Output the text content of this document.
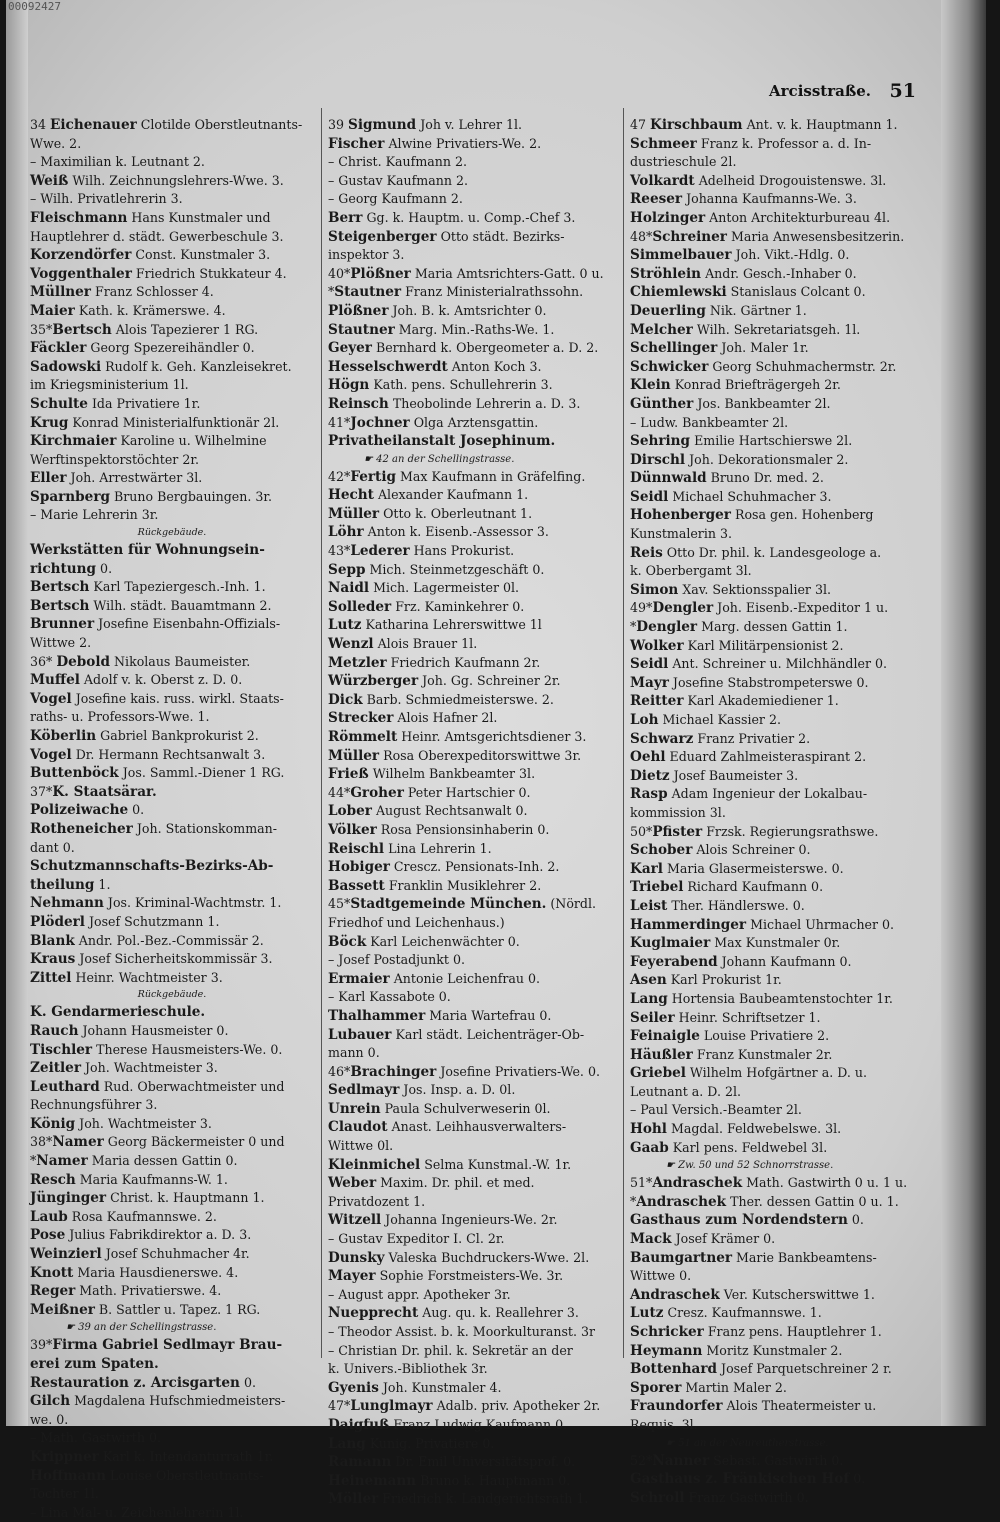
00092427
Arcisstraße. 51
34 Eichenauer Clotilde Oberstleutnants-
Wwe. 2.
– Maximilian k. Leutnant 2.
Weiß Wilh. Zeichnungslehrers-Wwe. 3.
– Wilh. Privatlehrerin 3.
Fleischmann Hans Kunstmaler und
Hauptlehrer d. städt. Gewerbeschule 3.
Korzendörfer Const. Kunstmaler 3.
Voggenthaler Friedrich Stukkateur 4.
Müllner Franz Schlosser 4.
Maier Kath. k. Krämerswe. 4.
35*Bertsch Alois Tapezierer 1 RG.
Fäckler Georg Spezereihändler 0.
Sadowski Rudolf k. Geh. Kanzleisekret.
im Kriegsministerium 1l.
Schulte Ida Privatiere 1r.
Krug Konrad Ministerialfunktionär 2l.
Kirchmaier Karoline u. Wilhelmine
Werftinspektorstöchter 2r.
Eller Joh. Arrestwärter 3l.
Sparnberg Bruno Bergbauingen. 3r.
– Marie Lehrerin 3r.
Rückgebäude.
Werkstätten für Wohnungsein-
richtung 0.
Bertsch Karl Tapeziergesch.-Inh. 1.
Bertsch Wilh. städt. Bauamtmann 2.
Brunner Josefine Eisenbahn-Offizials-
Wittwe 2.
36* Debold Nikolaus Baumeister.
Muffel Adolf v. k. Oberst z. D. 0.
Vogel Josefine kais. russ. wirkl. Staats-
raths- u. Professors-Wwe. 1.
Köberlin Gabriel Bankprokurist 2.
Vogel Dr. Hermann Rechtsanwalt 3.
Buttenböck Jos. Samml.-Diener 1 RG.
37*K. Staatsärar.
Polizeiwache 0.
Rotheneicher Joh. Stationskomman-
dant 0.
Schutzmannschafts-Bezirks-Ab-
theilung 1.
Nehmann Jos. Kriminal-Wachtmstr. 1.
Plöderl Josef Schutzmann 1.
Blank Andr. Pol.-Bez.-Commissär 2.
Kraus Josef Sicherheitskommissär 3.
Zittel Heinr. Wachtmeister 3.
Rückgebäude.
K. Gendarmerieschule.
Rauch Johann Hausmeister 0.
Tischler Therese Hausmeisters-We. 0.
Zeitler Joh. Wachtmeister 3.
Leuthard Rud. Oberwachtmeister und
Rechnungsführer 3.
König Joh. Wachtmeister 3.
38*Namer Georg Bäckermeister 0 und
*Namer Maria dessen Gattin 0.
Resch Maria Kaufmanns-W. 1.
Jünginger Christ. k. Hauptmann 1.
Laub Rosa Kaufmannswe. 2.
Pose Julius Fabrikdirektor a. D. 3.
Weinzierl Josef Schuhmacher 4r.
Knott Maria Hausdienerswe. 4.
Reger Math. Privatierswe. 4.
Meißner B. Sattler u. Tapez. 1 RG.
☛ 39 an der Schellingstrasse.
39*Firma Gabriel Sedlmayr Brau-
erei zum Spaten.
Restauration z. Arcisgarten 0.
Gilch Magdalena Hufschmiedmeisters-
we. 0.
– Math. Gastwirth 0.
Krippner Karl k. Intendanturrath 1r.
Hoffmann Louise Oberstleutnants-
Tochter 1l.
– Lina Mal- u. Zeichenlehrerin 1l.
39 Sigmund Joh v. Lehrer 1l.
Fischer Alwine Privatiers-We. 2.
– Christ. Kaufmann 2.
– Gustav Kaufmann 2.
– Georg Kaufmann 2.
Berr Gg. k. Hauptm. u. Comp.-Chef 3.
Steigenberger Otto städt. Bezirks-
inspektor 3.
40*Plößner Maria Amtsrichters-Gatt. 0 u.
*Stautner Franz Ministerialrathssohn.
Plößner Joh. B. k. Amtsrichter 0.
Stautner Marg. Min.-Raths-We. 1.
Geyer Bernhard k. Obergeometer a. D. 2.
Hesselschwerdt Anton Koch 3.
Högn Kath. pens. Schullehrerin 3.
Reinsch Theobolinde Lehrerin a. D. 3.
41*Jochner Olga Arztensgattin.
Privatheilanstalt Josephinum.
☛ 42 an der Schellingstrasse.
42*Fertig Max Kaufmann in Gräfelfing.
Hecht Alexander Kaufmann 1.
Müller Otto k. Oberleutnant 1.
Löhr Anton k. Eisenb.-Assessor 3.
43*Lederer Hans Prokurist.
Sepp Mich. Steinmetzgeschäft 0.
Naidl Mich. Lagermeister 0l.
Solleder Frz. Kaminkehrer 0.
Lutz Katharina Lehrerswittwe 1l
Wenzl Alois Brauer 1l.
Metzler Friedrich Kaufmann 2r.
Würzberger Joh. Gg. Schreiner 2r.
Dick Barb. Schmiedmeisterswe. 2.
Strecker Alois Hafner 2l.
Römmelt Heinr. Amtsgerichtsdiener 3.
Müller Rosa Oberexpeditorswittwe 3r.
Frieß Wilhelm Bankbeamter 3l.
44*Groher Peter Hartschier 0.
Lober August Rechtsanwalt 0.
Völker Rosa Pensionsinhaberin 0.
Reischl Lina Lehrerin 1.
Hobiger Crescz. Pensionats-Inh. 2.
Bassett Franklin Musiklehrer 2.
45*Stadtgemeinde München. (Nördl.
Friedhof und Leichenhaus.)
Böck Karl Leichenwächter 0.
– Josef Postadjunkt 0.
Ermaier Antonie Leichenfrau 0.
– Karl Kassabote 0.
Thalhammer Maria Wartefrau 0.
Lubauer Karl städt. Leichenträger-Ob-
mann 0.
46*Brachinger Josefine Privatiers-We. 0.
Sedlmayr Jos. Insp. a. D. 0l.
Unrein Paula Schulverweserin 0l.
Claudot Anast. Leihhausverwalters-
Wittwe 0l.
Kleinmichel Selma Kunstmal.-W. 1r.
Weber Maxim. Dr. phil. et med.
Privatdozent 1.
Witzell Johanna Ingenieurs-We. 2r.
– Gustav Expeditor I. Cl. 2r.
Dunsky Valeska Buchdruckers-Wwe. 2l.
Mayer Sophie Forstmeisters-We. 3r.
– August appr. Apotheker 3r.
Nuepprecht Aug. qu. k. Reallehrer 3.
– Theodor Assist. b. k. Moorkulturanst. 3r
– Christian Dr. phil. k. Sekretär an der
k. Univers.-Bibliothek 3r.
Gyenis Joh. Kunstmaler 4.
47*Lunglmayr Adalb. priv. Apotheker 2r.
Daigfuß Franz Ludwig Kaufmann 0.
Lang Kunig. Privatiere 0.
Ramann Dr. Emil Universitätsprof. 0.
Heinemann Bruno k. Hauptmann 0.
Möller Friedrich k. Landgerichtsrath 1.
47 Kirschbaum Ant. v. k. Hauptmann 1.
Schmeer Franz k. Professor a. d. In-
dustrieschule 2l.
Volkardt Adelheid Drogouistenswe. 3l.
Reeser Johanna Kaufmanns-We. 3.
Holzinger Anton Architekturbureau 4l.
48*Schreiner Maria Anwesensbesitzerin.
Simmelbauer Joh. Vikt.-Hdlg. 0.
Ströhlein Andr. Gesch.-Inhaber 0.
Chiemlewski Stanislaus Colcant 0.
Deuerling Nik. Gärtner 1.
Melcher Wilh. Sekretariatsgeh. 1l.
Schellinger Joh. Maler 1r.
Schwicker Georg Schuhmachermstr. 2r.
Klein Konrad Briefträgergeh 2r.
Günther Jos. Bankbeamter 2l.
– Ludw. Bankbeamter 2l.
Sehring Emilie Hartschierswe 2l.
Dirschl Joh. Dekorationsmaler 2.
Dünnwald Bruno Dr. med. 2.
Seidl Michael Schuhmacher 3.
Hohenberger Rosa gen. Hohenberg
Kunstmalerin 3.
Reis Otto Dr. phil. k. Landesgeologe a.
k. Oberbergamt 3l.
Simon Xav. Sektionsspalier 3l.
49*Dengler Joh. Eisenb.-Expeditor 1 u.
*Dengler Marg. dessen Gattin 1.
Wolker Karl Militärpensionist 2.
Seidl Ant. Schreiner u. Milchhändler 0.
Mayr Josefine Stabstrompeterswe 0.
Reitter Karl Akademiediener 1.
Loh Michael Kassier 2.
Schwarz Franz Privatier 2.
Oehl Eduard Zahlmeisteraspirant 2.
Dietz Josef Baumeister 3.
Rasp Adam Ingenieur der Lokalbau-
kommission 3l.
50*Pfister Frzsk. Regierungsrathswe.
Schober Alois Schreiner 0.
Karl Maria Glasermeisterswe. 0.
Triebel Richard Kaufmann 0.
Leist Ther. Händlerswe. 0.
Hammerdinger Michael Uhrmacher 0.
Kuglmaier Max Kunstmaler 0r.
Feyerabend Johann Kaufmann 0.
Asen Karl Prokurist 1r.
Lang Hortensia Baubeamtenstochter 1r.
Seiler Heinr. Schriftsetzer 1.
Feinaigle Louise Privatiere 2.
Häußler Franz Kunstmaler 2r.
Griebel Wilhelm Hofgärtner a. D. u.
Leutnant a. D. 2l.
– Paul Versich.-Beamter 2l.
Hohl Magdal. Feldwebelswe. 3l.
Gaab Karl pens. Feldwebel 3l.
☛ Zw. 50 und 52 Schnorrstrasse.
51*Andraschek Math. Gastwirth 0 u. 1 u.
*Andraschek Ther. dessen Gattin 0 u. 1.
Gasthaus zum Nordendstern 0.
Mack Josef Krämer 0.
Baumgartner Marie Bankbeamtens-
Wittwe 0.
Andraschek Ver. Kutscherswittwe 1.
Lutz Cresz. Kaufmannswe. 1.
Schricker Franz pens. Hauptlehrer 1.
Heymann Moritz Kunstmaler 2.
Bottenhard Josef Parquetschreiner 2 r.
Sporer Martin Maler 2.
Fraundorfer Alois Theatermeister u.
Requis. 3l.
☛ 51 an der Neureutherstrasse.
52*Nanner Sebast. Gastwirth 0.
Gasthaus z. Fränkischen Hof 0.
Schroll Franz Gastwirth 0.
